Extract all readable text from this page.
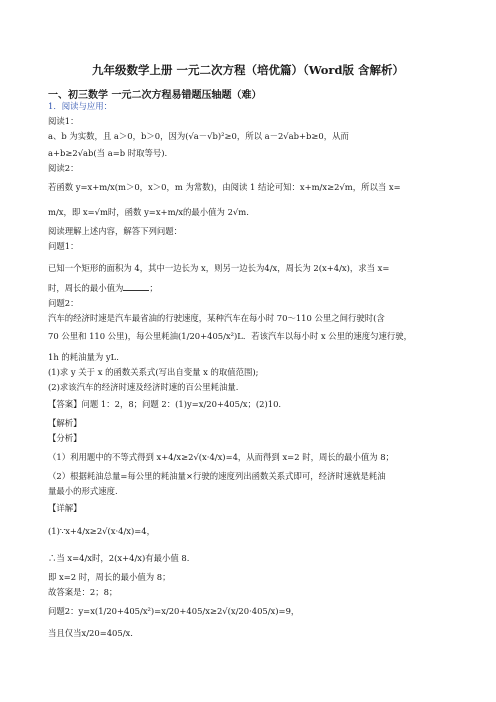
九年级数学上册 一元二次方程（培优篇）（Word版 含解析）
一、初三数学 一元二次方程易错题压轴题（难）
1．阅读与应用：
阅读1：
a、b 为实数，且 a＞0，b＞0，因为(√a－√b)²≥0，所以 a－2√ab+b≥0，从而
a+b≥2√ab(当 a=b 时取等号).
阅读2：
若函数 y=x+m/x(m＞0，x＞0，m 为常数)，由阅读 1 结论可知：x+m/x≥2√m，所以当 x=
m/x，即 x=√m时，函数 y=x+m/x的最小值为 2√m.
阅读理解上述内容，解答下列问题：
问题1：
已知一个矩形的面积为 4，其中一边长为 x，则另一边长为4/x，周长为 2(x+4/x)，求当 x=
时，周长的最小值为	；
问题2：
汽车的经济时速是汽车最省油的行驶速度，某种汽车在每小时 70～110 公里之间行驶时(含
70 公里和 110 公里)，每公里耗油(1/20+405/x²)L．若该汽车以每小时 x 公里的速度匀速行驶，
1h 的耗油量为 yL.
(1)求 y 关于 x 的函数关系式(写出自变量 x 的取值范围);
(2)求该汽车的经济时速及经济时速的百公里耗油量.
【答案】问题 1：2，8；问题 2：(1)y=x/20+405/x；(2)10.
【解析】
【分析】
（1）利用题中的不等式得到 x+4/x≥2√(x·4/x)=4，从而得到 x=2 时，周长的最小值为 8；
（2）根据耗油总量=每公里的耗油量×行驶的速度列出函数关系式即可，经济时速就是耗油
量最小的形式速度.
【详解】
(1)∵x+4/x≥2√(x·4/x)=4，
∴当 x=4/x时，2(x+4/x)有最小值 8.
即 x=2 时，周长的最小值为 8；
故答案是：2；8；
问题2：y=x(1/20+405/x²)=x/20+405/x≥2√(x/20·405/x)=9，
当且仅当x/20=405/x.
